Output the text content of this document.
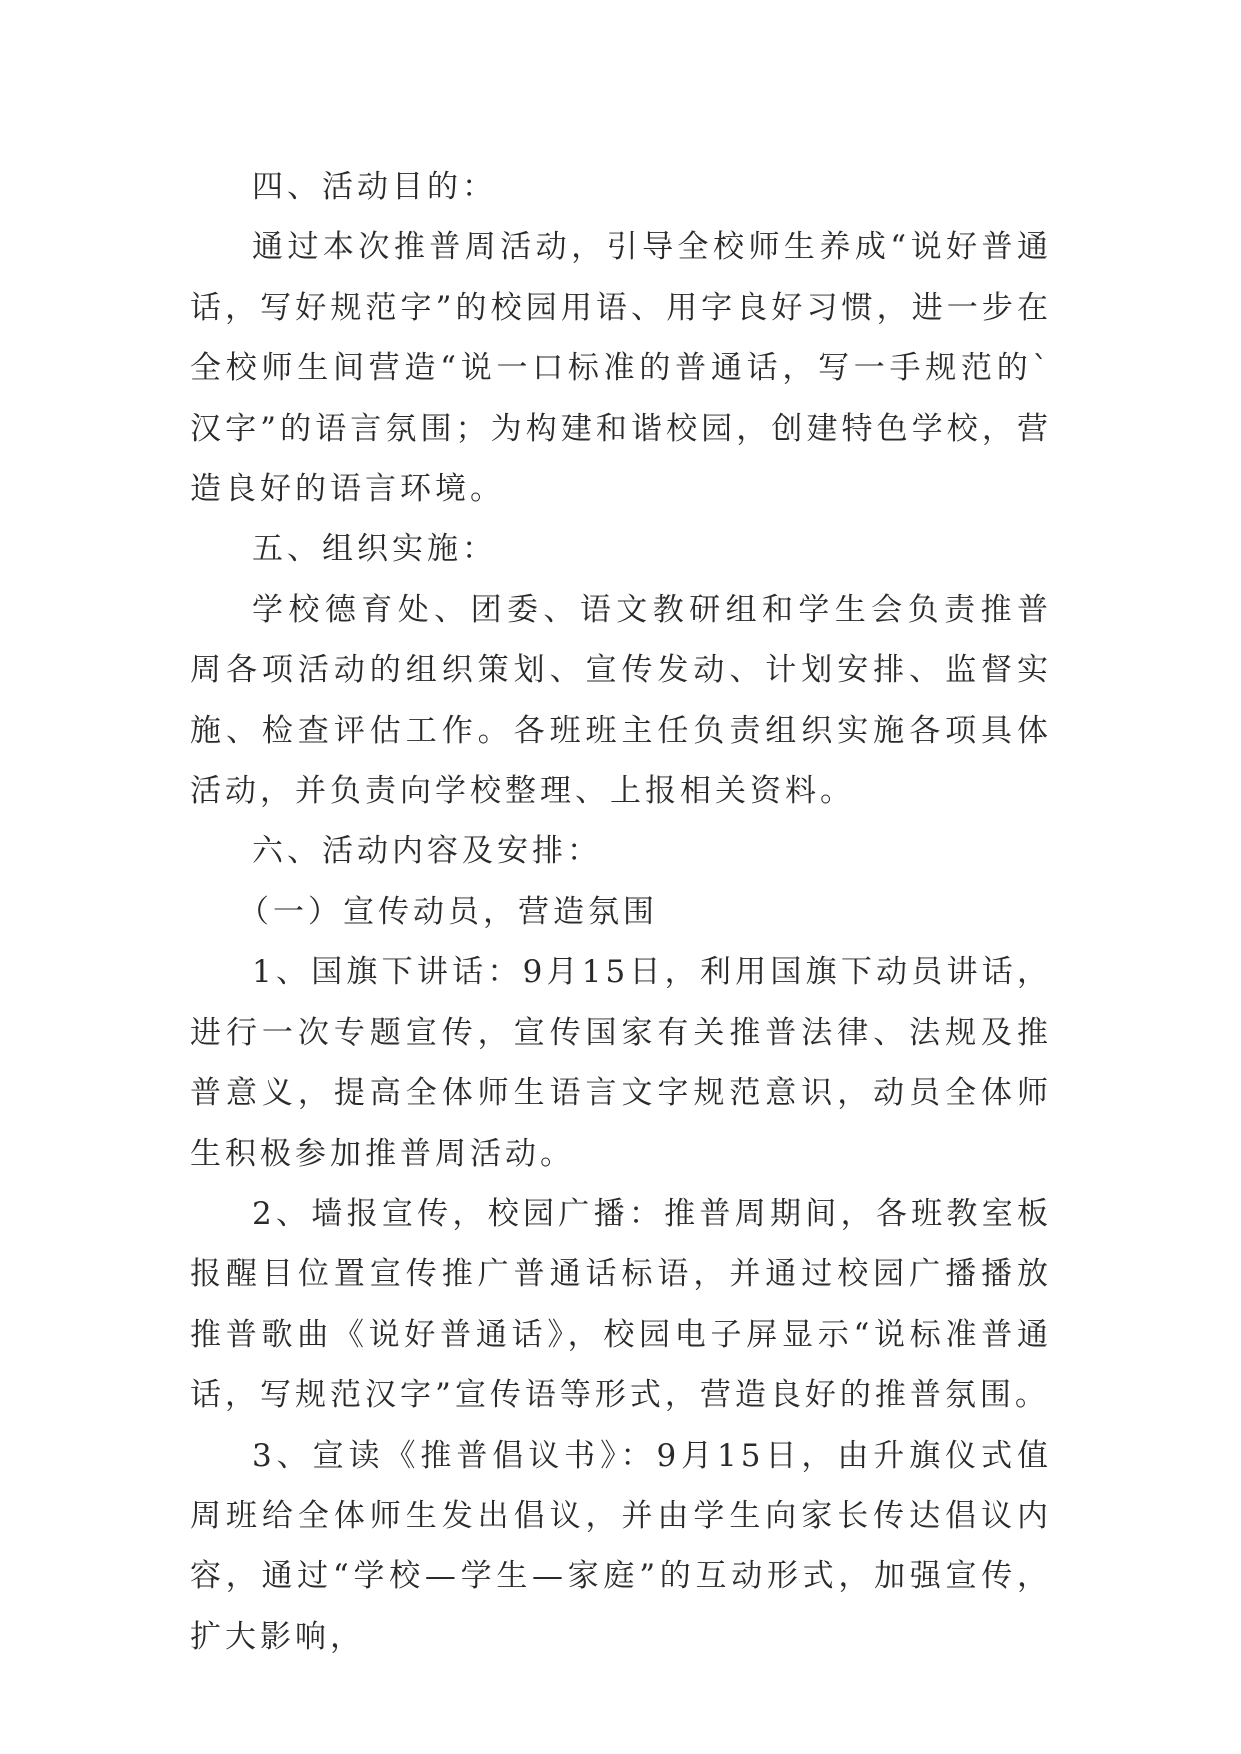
四、活动目的：

通过本次推普周活动，引导全校师生养成“说好普通话，写好规范字”的校园用语、用字良好习惯，进一步在全校师生间营造“说一口标准的普通话，写一手规范的`汉字”的语言氛围；为构建和谐校园，创建特色学校，营造良好的语言环境。

五、组织实施：

学校德育处、团委、语文教研组和学生会负责推普周各项活动的组织策划、宣传发动、计划安排、监督实施、检查评估工作。各班班主任负责组织实施各项具体活动，并负责向学校整理、上报相关资料。

六、活动内容及安排：

（一）宣传动员，营造氛围

1、国旗下讲话：9月15日，利用国旗下动员讲话，进行一次专题宣传，宣传国家有关推普法律、法规及推普意义，提高全体师生语言文字规范意识，动员全体师生积极参加推普周活动。

2、墙报宣传，校园广播：推普周期间，各班教室板报醒目位置宣传推广普通话标语，并通过校园广播播放推普歌曲《说好普通话》，校园电子屏显示“说标准普通话，写规范汉字”宣传语等形式，营造良好的推普氛围。

3、宣读《推普倡议书》：9月15日，由升旗仪式值周班给全体师生发出倡议，并由学生向家长传达倡议内容，通过“学校—学生—家庭”的互动形式，加强宣传，扩大影响，
